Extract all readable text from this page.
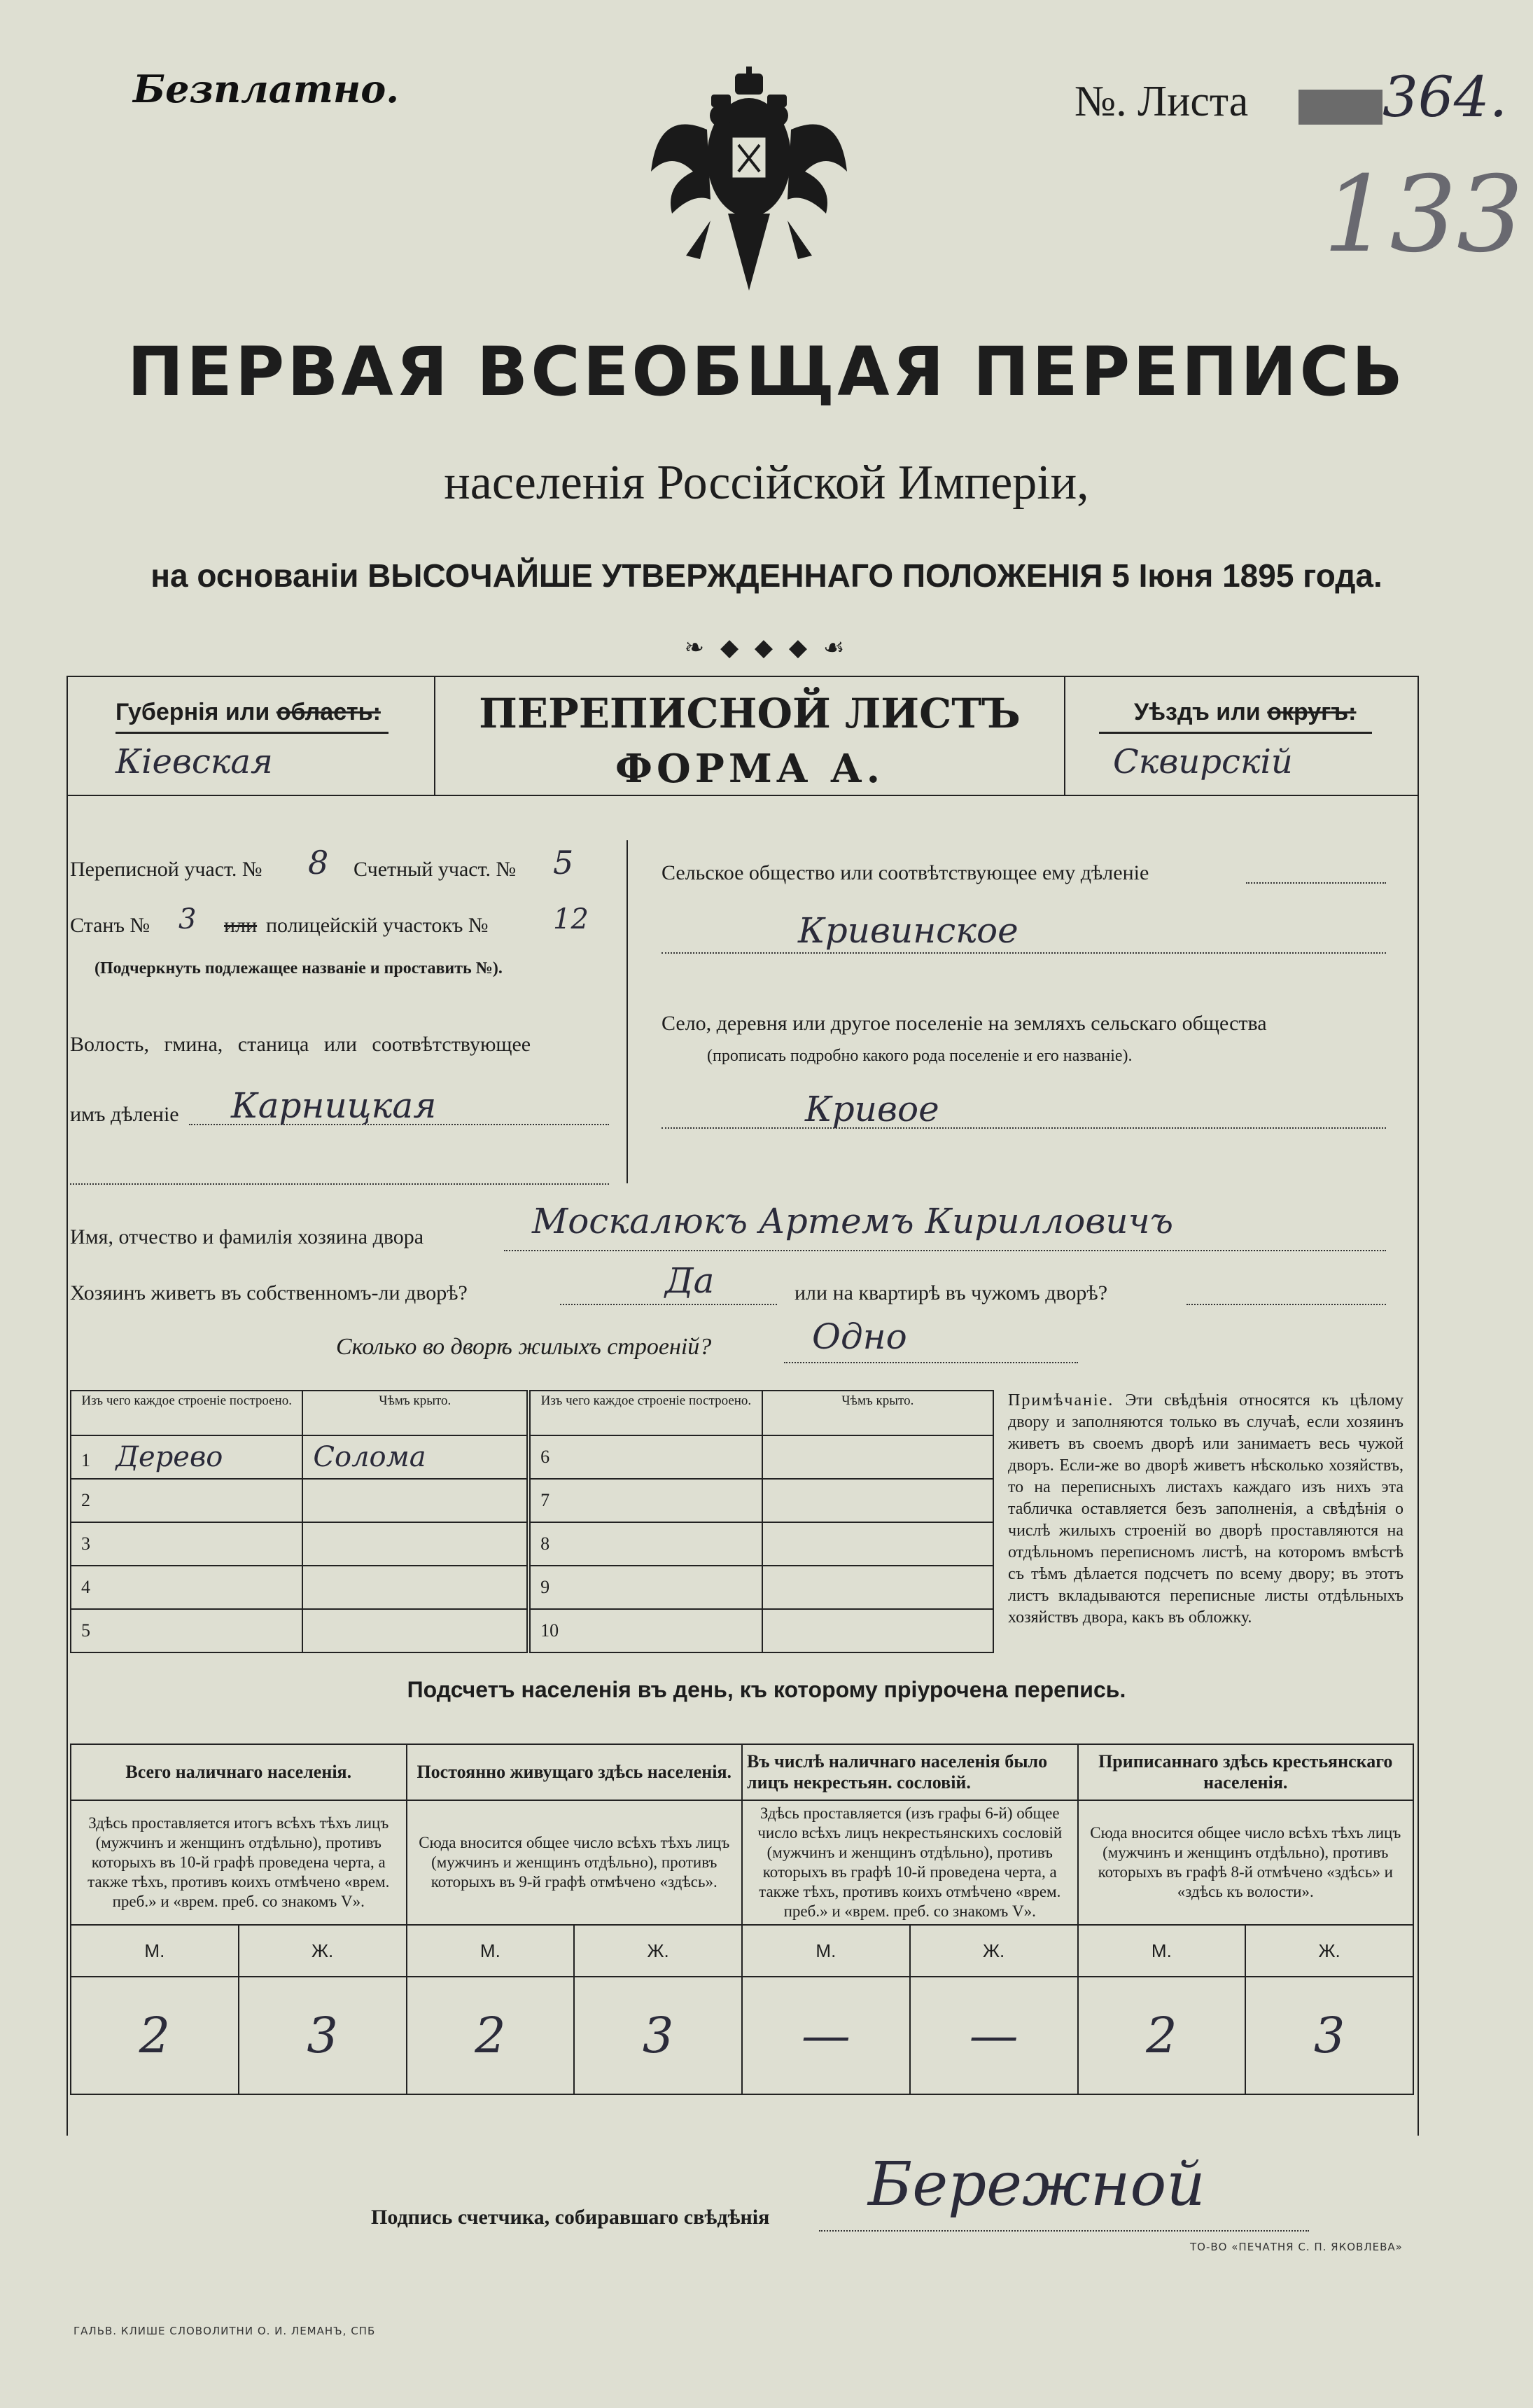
Безплатно.	№. Листа 364.
133
ПЕРВАЯ ВСЕОБЩАЯ ПЕРЕПИСЬ
населенія Россійской Имперіи,
на основаніи ВЫСОЧАЙШЕ УТВЕРЖДЕННАГО ПОЛОЖЕНІЯ 5 Іюня 1895 года.
❧ ◆ ◆ ◆ ☙
Губернія или область:
Кіевская
ПЕРЕПИСНОЙ ЛИСТЪ
ФОРМА А.
Уѣздъ или округъ:
Сквирскій
Переписной участ. № 8 Счетный участ. № 5
Станъ № 3 или полицейскій участокъ № 12
(Подчеркнуть подлежащее названіе и проставить №).
Волость, гмина, станица или соотвѣтствующее
имъ дѣленіе Карницкая
Сельское общество или соотвѣтствующее ему дѣленіе
Кривинское
Село, деревня или другое поселеніе на земляхъ сельскаго общества
(прописать подробно какого рода поселеніе и его названіе).
Кривое
Имя, отчество и фамилія хозяина двора	Москалюкъ Артемъ Кирилловичъ
Хозяинъ живетъ въ собственномъ-ли дворѣ?	Да	или на квартирѣ въ чужомъ дворѣ?
Сколько во дворѣ жилыхъ строеній?	Одно
Изъ чего каждое строеніе построено.	Чѣмъ крыто.	Изъ чего каждое строеніе построено.	Чѣмъ крыто.
1 Дерево	Солома	6	
2		7	
3		8	
4		9	
5		10	
Примѣчаніе. Эти свѣдѣнія относятся къ цѣлому двору и заполняются только въ случаѣ, если хозяинъ живетъ въ своемъ дворѣ или занимаетъ весь чужой дворъ. Если-же во дворѣ живетъ нѣсколько хозяйствъ, то на переписныхъ листахъ каждаго изъ нихъ эта табличка оставляется безъ заполненія, а свѣдѣнія о числѣ жилыхъ строеній во дворѣ проставляются на отдѣльномъ переписномъ листѣ, на которомъ вмѣстѣ съ тѣмъ дѣлается подсчетъ по всему двору; въ этотъ листъ вкладываются переписные листы отдѣльныхъ хозяйствъ двора, какъ въ обложку.
Подсчетъ населенія въ день, къ которому пріурочена перепись.
Всего наличнаго населенія.		Постоянно живущаго здѣсь населенія.		Въ числѣ наличнаго населенія было лицъ некрестьян. сословій.		Приписаннаго здѣсь крестьянскаго населенія.	
Здѣсь проставляется итогъ всѣхъ тѣхъ лицъ (мужчинъ и женщинъ отдѣльно), противъ которыхъ въ 10-й графѣ проведена черта, а также тѣхъ, противъ коихъ отмѣчено «врем. преб.» и «врем. преб. со знакомъ V».		Сюда вносится общее число всѣхъ тѣхъ лицъ (мужчинъ и женщинъ отдѣльно), противъ которыхъ въ 9-й графѣ отмѣчено «здѣсь».		Здѣсь проставляется (изъ графы 6-й) общее число всѣхъ лицъ некрестьянскихъ сословій (мужчинъ и женщинъ отдѣльно), противъ которыхъ въ графѣ 10-й проведена черта, а также тѣхъ, противъ коихъ отмѣчено «врем. преб.» и «врем. преб. со знакомъ V».		Сюда вносится общее число всѣхъ тѣхъ лицъ (мужчинъ и женщинъ отдѣльно), противъ которыхъ въ графѣ 8-й отмѣчено «здѣсь» и «здѣсь къ волости».	
М.	Ж.	М.	Ж.	М.	Ж.	М.	Ж.
2	3	2	3	—	—	2	3
Подпись счетчика, собиравшаго свѣдѣнія Бережной
ГАЛЬВ. КЛИШЕ СЛОВОЛИТНИ О. И. ЛЕМАНЪ, СПБ
ТО-ВО «ПЕЧАТНЯ С. П. ЯКОВЛЕВА»
